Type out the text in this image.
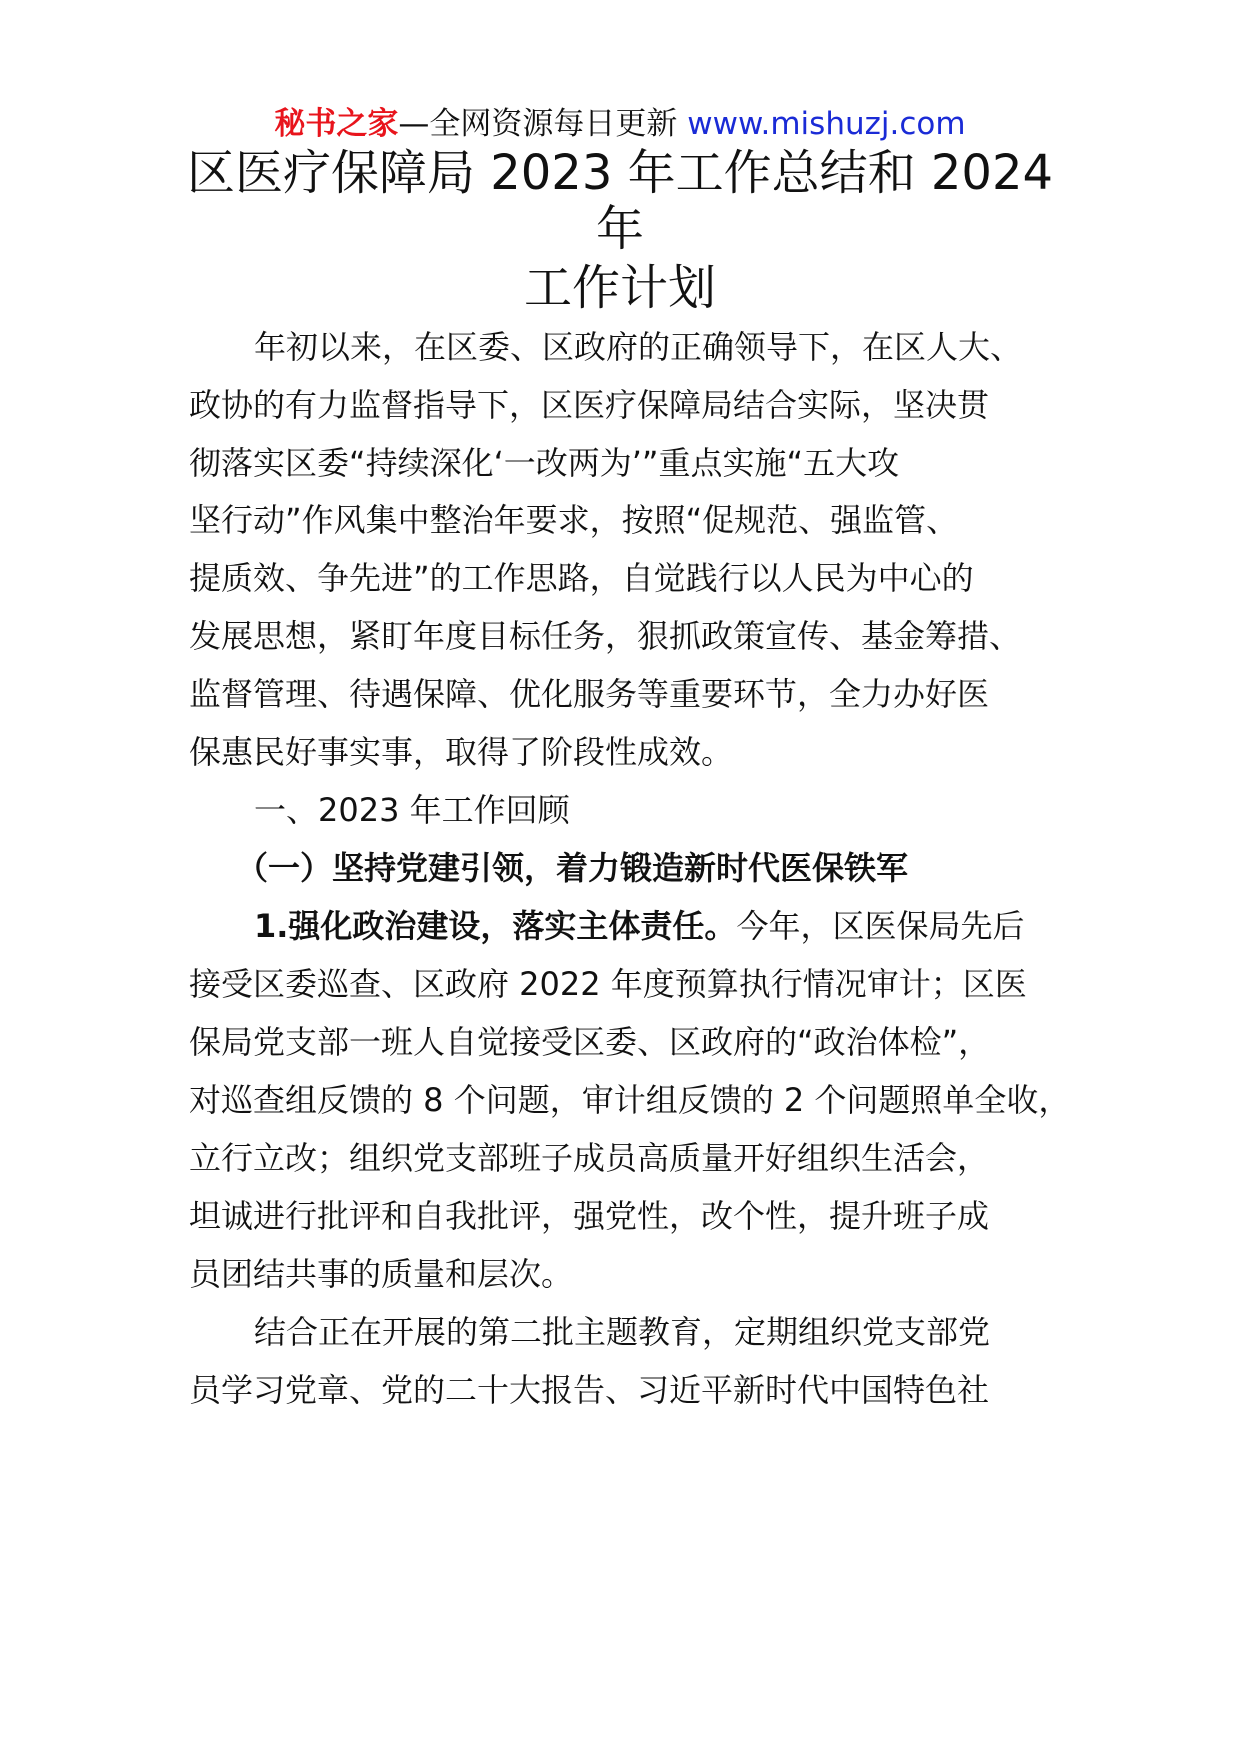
秘书之家—全网资源每日更新 www.mishuzj.com
区医疗保障局 2023 年工作总结和 2024
年
工作计划
年初以来，在区委、区政府的正确领导下，在区人大、
政协的有力监督指导下，区医疗保障局结合实际，坚决贯
彻落实区委“持续深化‘一改两为’”重点实施“五大攻
坚行动”作风集中整治年要求，按照“促规范、强监管、
提质效、争先进”的工作思路，自觉践行以人民为中心的
发展思想，紧盯年度目标任务，狠抓政策宣传、基金筹措、
监督管理、待遇保障、优化服务等重要环节，全力办好医
保惠民好事实事，取得了阶段性成效。
一、2023 年工作回顾
（一）坚持党建引领，着力锻造新时代医保铁军
1.强化政治建设，落实主体责任。今年，区医保局先后
接受区委巡查、区政府 2022 年度预算执行情况审计；区医
保局党支部一班人自觉接受区委、区政府的“政治体检”，
对巡查组反馈的 8 个问题，审计组反馈的 2 个问题照单全收，
立行立改；组织党支部班子成员高质量开好组织生活会，
坦诚进行批评和自我批评，强党性，改个性，提升班子成
员团结共事的质量和层次。
结合正在开展的第二批主题教育，定期组织党支部党
员学习党章、党的二十大报告、习近平新时代中国特色社
